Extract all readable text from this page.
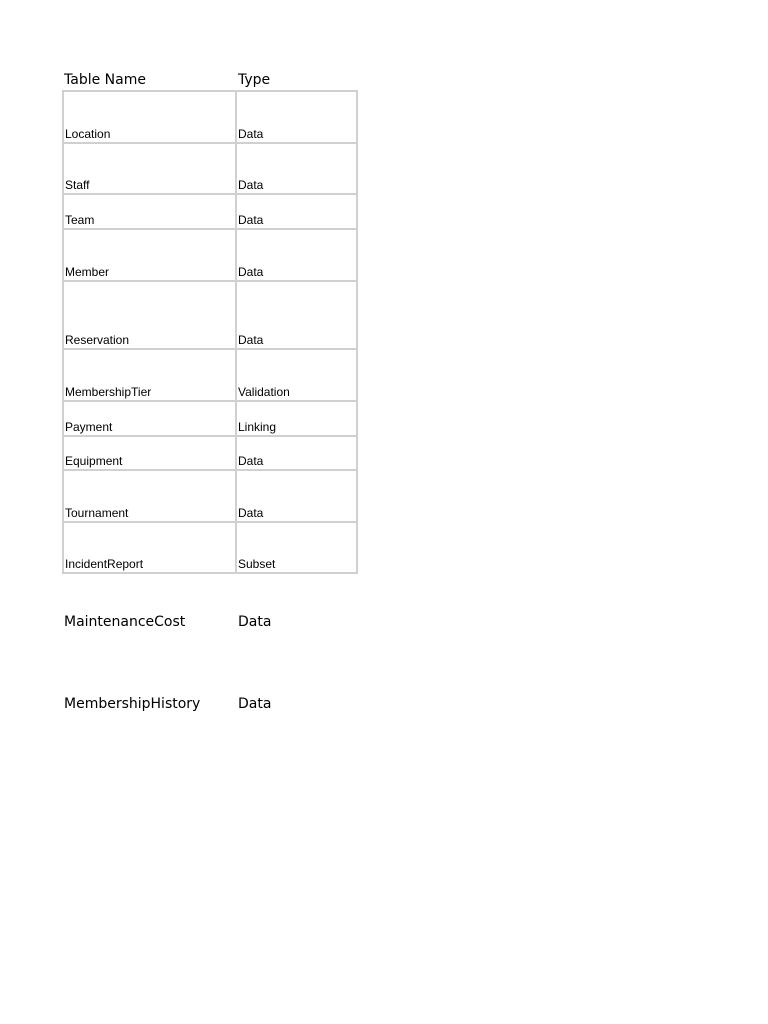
Table Name	Type
Location	Data
Staff	Data
Team	Data
Member	Data
Reservation	Data
MembershipTier	Validation
Payment	Linking
Equipment	Data
Tournament	Data
IncidentReport	Subset
MaintenanceCost	Data
MembershipHistory	Data
